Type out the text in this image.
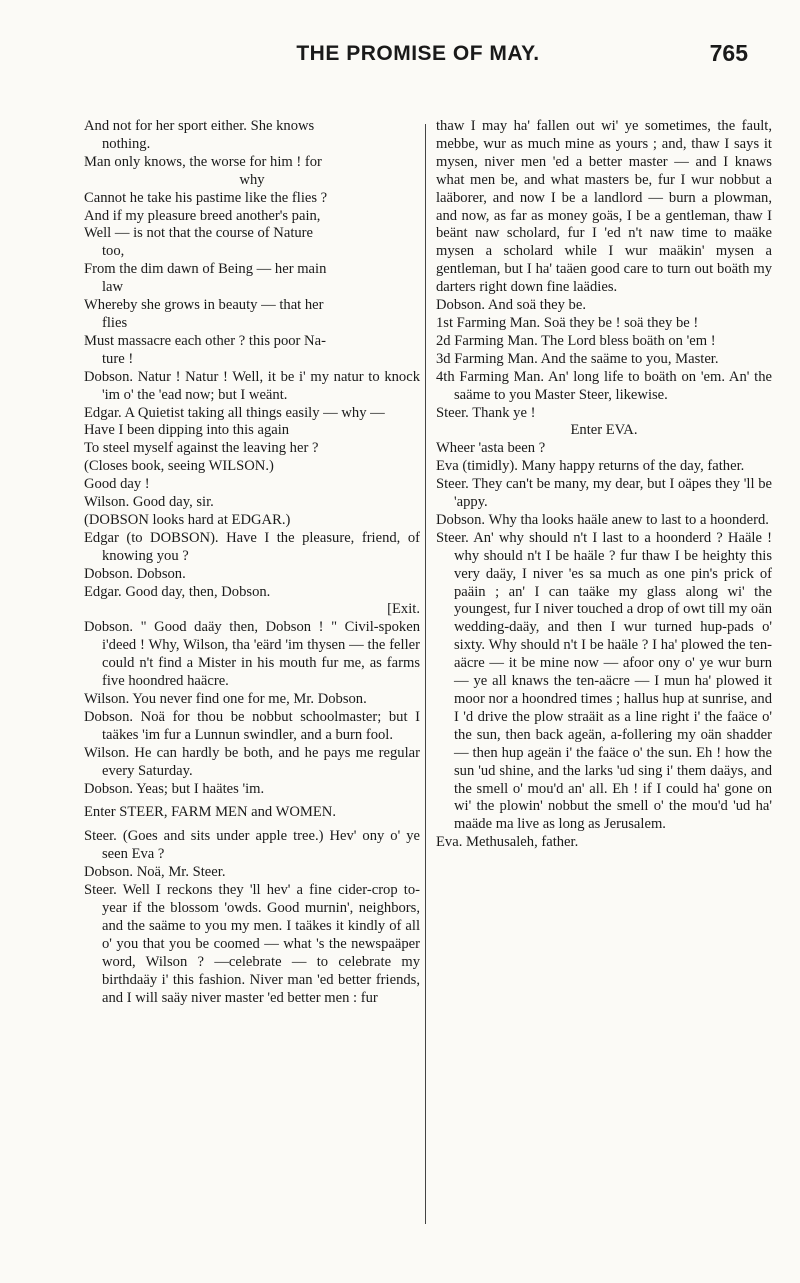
THE PROMISE OF MAY.	765

And not for her sport either. She knows

nothing.

Man only knows, the worse for him ! for

why

Cannot he take his pastime like the flies ?

And if my pleasure breed another's pain,

Well — is not that the course of Nature

too,

From the dim dawn of Being — her main

law

Whereby she grows in beauty — that her

flies

Must massacre each other ? this poor Na-

ture !

Dobson. Natur ! Natur ! Well, it be i' my natur to knock 'im o' the 'ead now; but I weänt.

Edgar. A Quietist taking all things easily — why —

Have I been dipping into this again

To steel myself against the leaving her ?

(Closes book, seeing WILSON.)

Good day !

Wilson. Good day, sir.

(DOBSON looks hard at EDGAR.)

Edgar (to DOBSON). Have I the pleasure, friend, of knowing you ?

Dobson. Dobson.

Edgar. Good day, then, Dobson.

[Exit.

Dobson. " Good daäy then, Dobson ! " Civil-spoken i'deed ! Why, Wilson, tha 'eärd 'im thysen — the feller could n't find a Mister in his mouth fur me, as farms five hoondred haäcre.

Wilson. You never find one for me, Mr. Dobson.

Dobson. Noä for thou be nobbut schoolmaster; but I taäkes 'im fur a Lunnun swindler, and a burn fool.

Wilson. He can hardly be both, and he pays me regular every Saturday.

Dobson. Yeas; but I haätes 'im.

Enter STEER, FARM MEN and WOMEN.

Steer. (Goes and sits under apple tree.) Hev' ony o' ye seen Eva ?

Dobson. Noä, Mr. Steer.

Steer. Well I reckons they 'll hev' a fine cider-crop to-year if the blossom 'owds. Good murnin', neighbors, and the saäme to you my men. I taäkes it kindly of all o' you that you be coomed — what 's the newspaäper word, Wilson ? —celebrate — to celebrate my birthdaäy i' this fashion. Niver man 'ed better friends, and I will saäy niver master 'ed better men : fur

thaw I may ha' fallen out wi' ye sometimes, the fault, mebbe, wur as much mine as yours ; and, thaw I says it mysen, niver men 'ed a better master — and I knaws what men be, and what masters be, fur I wur nobbut a laäborer, and now I be a landlord — burn a plowman, and now, as far as money goäs, I be a gentleman, thaw I beänt naw scholard, fur I 'ed n't naw time to maäke mysen a scholard while I wur maäkin' mysen a gentleman, but I ha' taäen good care to turn out boäth my darters right down fine laädies.

Dobson. And soä they be.

1st Farming Man. Soä they be ! soä they be !

2d Farming Man. The Lord bless boäth on 'em !

3d Farming Man. And the saäme to you, Master.

4th Farming Man. An' long life to boäth on 'em. An' the saäme to you Master Steer, likewise.

Steer. Thank ye !

Enter EVA.

Wheer 'asta been ?

Eva (timidly). Many happy returns of the day, father.

Steer. They can't be many, my dear, but I oäpes they 'll be 'appy.

Dobson. Why tha looks haäle anew to last to a hoonderd.

Steer. An' why should n't I last to a hoonderd ? Haäle ! why should n't I be haäle ? fur thaw I be heighty this very daäy, I niver 'es sa much as one pin's prick of paäin ; an' I can taäke my glass along wi' the youngest, fur I niver touched a drop of owt till my oän wedding-daäy, and then I wur turned hup-pads o' sixty. Why should n't I be haäle ? I ha' plowed the ten-aäcre — it be mine now — afoor ony o' ye wur burn — ye all knaws the ten-aäcre — I mun ha' plowed it moor nor a hoondred times ; hallus hup at sunrise, and I 'd drive the plow straäit as a line right i' the faäce o' the sun, then back ageän, a-follering my oän shadder — then hup ageän i' the faäce o' the sun. Eh ! how the sun 'ud shine, and the larks 'ud sing i' them daäys, and the smell o' mou'd an' all. Eh ! if I could ha' gone on wi' the plowin' nobbut the smell o' the mou'd 'ud ha' maäde ma live as long as Jerusalem.

Eva. Methusaleh, father.
